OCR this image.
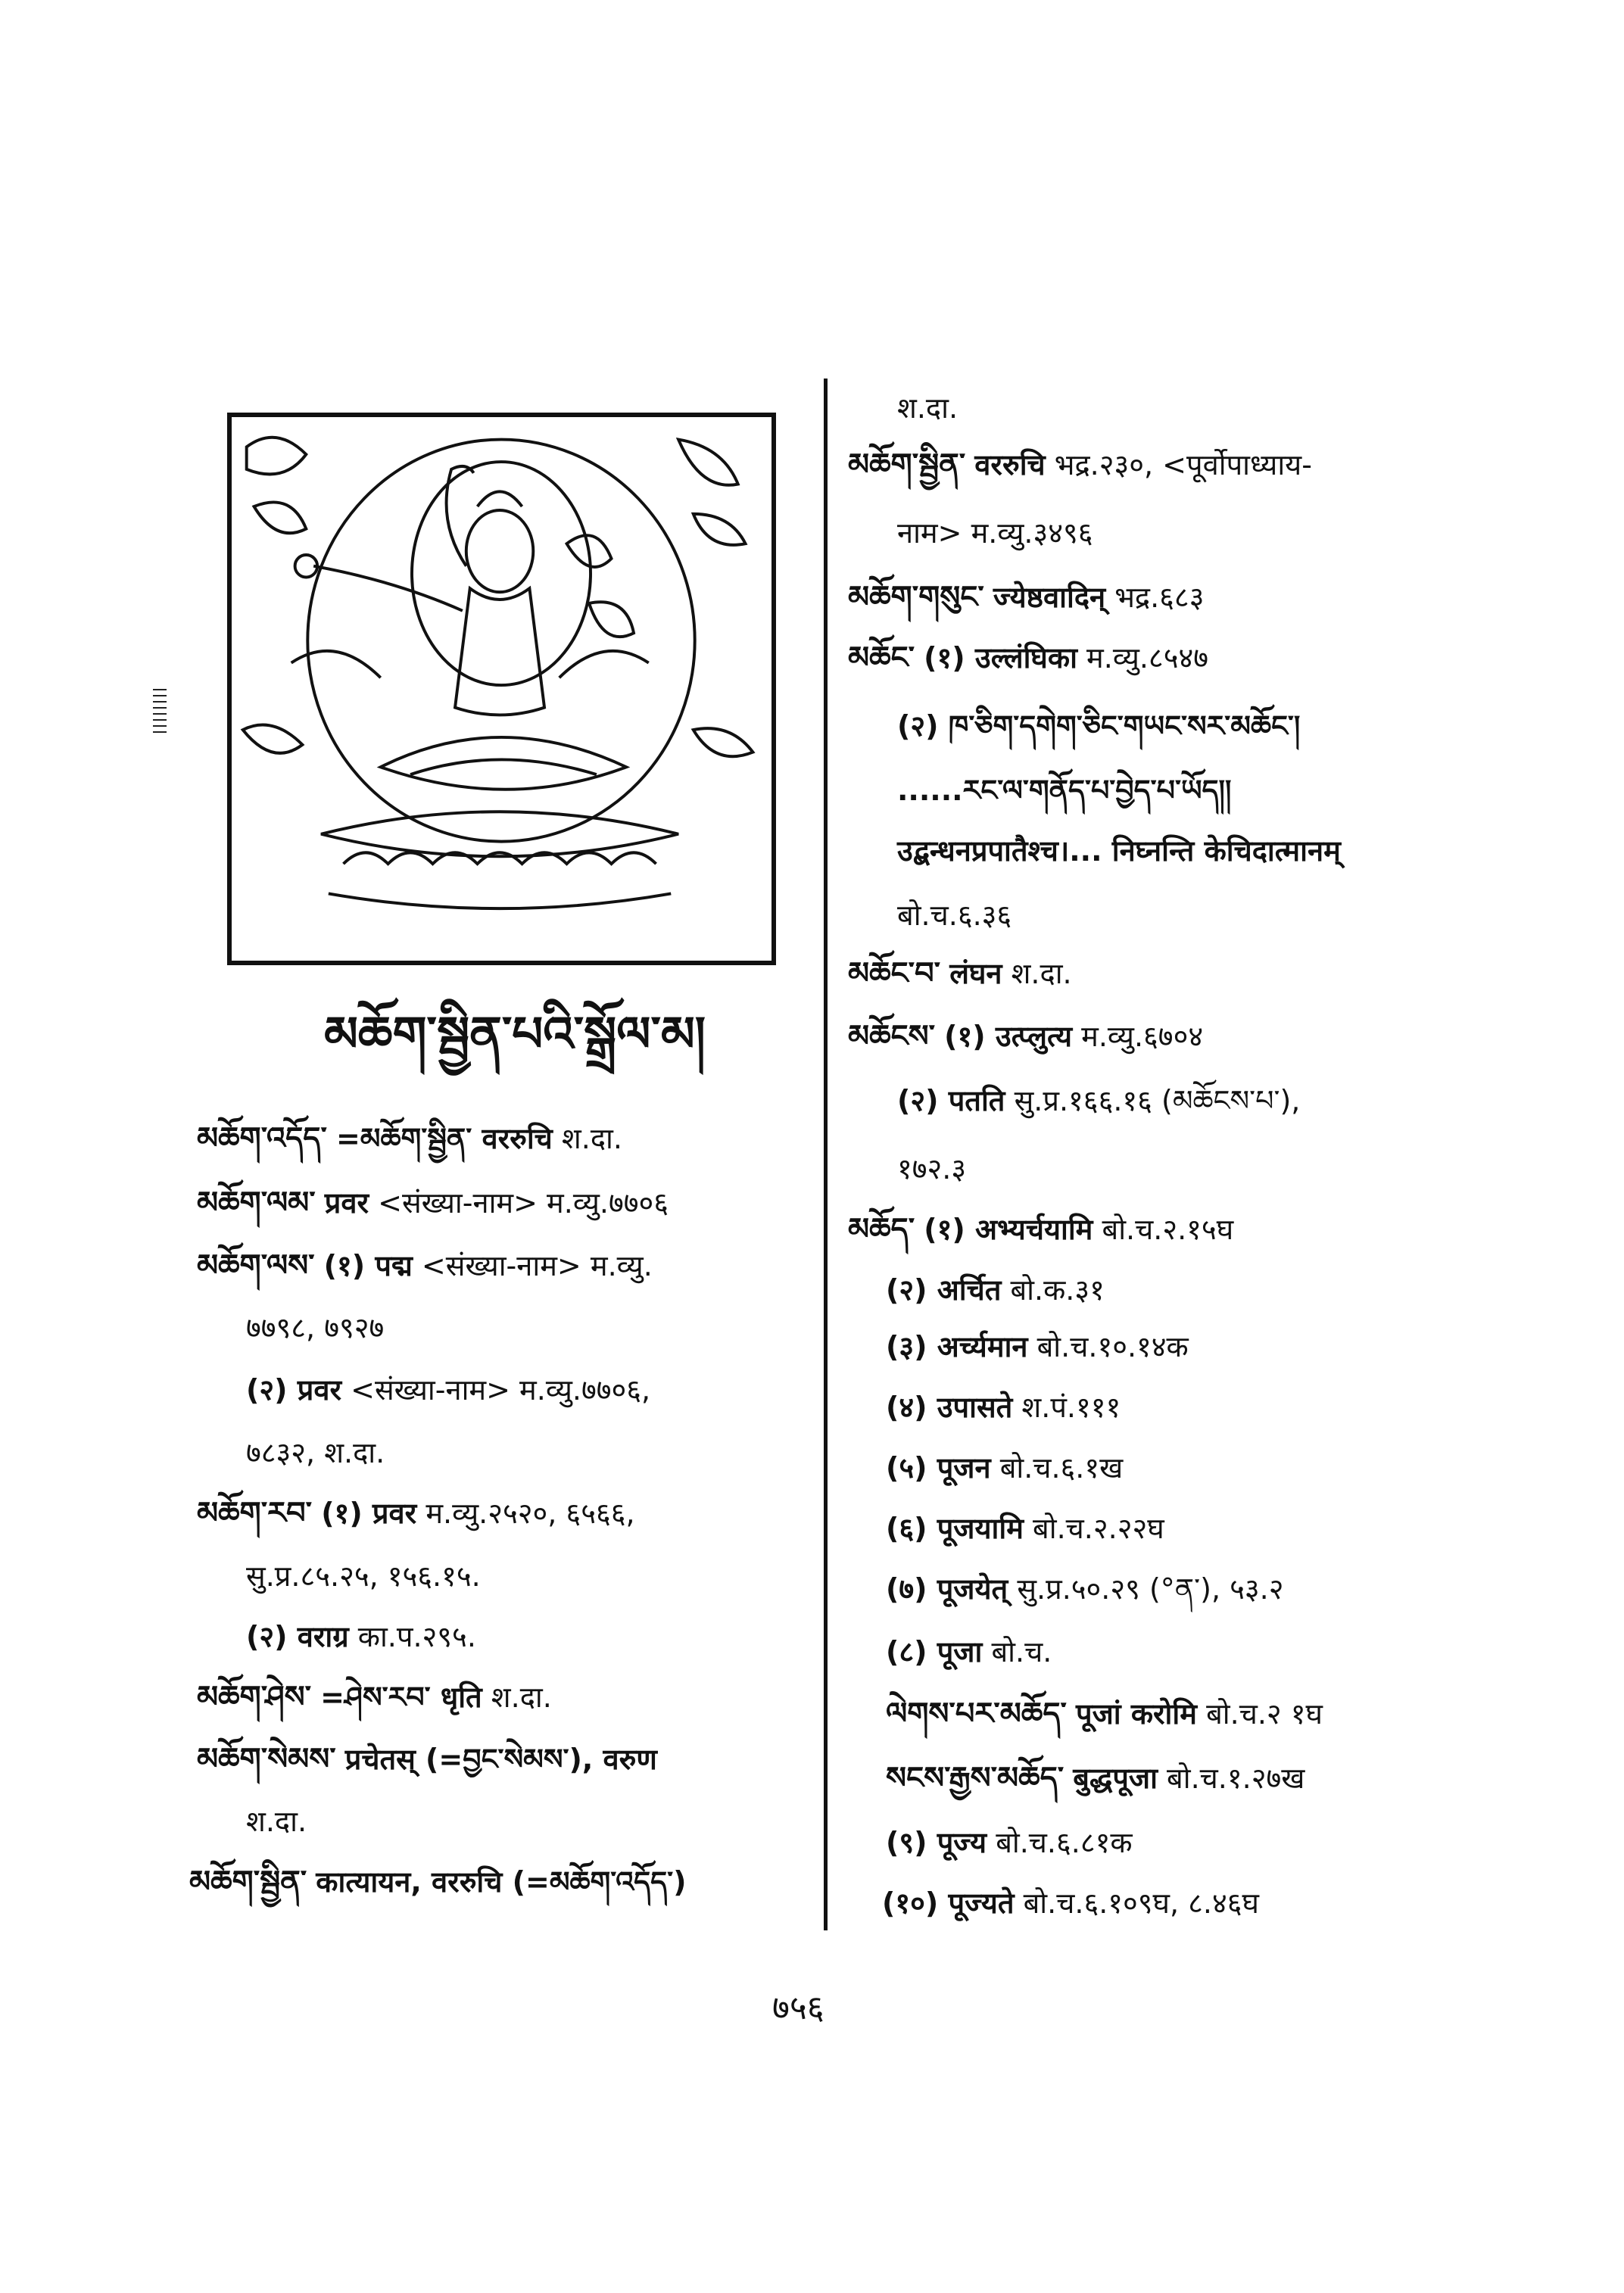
མཆོག་སྦྱིན་པའི་སྒྲོལ་མ།
མཆོག་འདོད་ =མཆོག་སྦྱིན་ वररुचि श.दा.
མཆོག་ལམ་ प्रवर <संख्या-नाम> म.व्यु.७७०६
མཆོག་ལས་ (१) पद्म <संख्या-नाम> म.व्यु.
७७९८, ७९२७
(२) प्रवर <संख्या-नाम> म.व्यु.७७०६,
७८३२, श.दा.
མཆོག་རབ་ (१) प्रवर म.व्यु.२५२०, ६५६६,
सु.प्र.८५.२५, १५६.१५.
(२) वराग्र का.प.२९५.
མཆོག་ཤེས་ =ཤེས་རབ་ धृति श.दा.
མཆོག་སེམས་ प्रचेतस् (=བྱང་སེམས་), वरुण
श.दा.
མཆོག་སྦྱིན་ कात्यायन, वररुचि (=མཆོག་འདོད་)
श.दा.
མཆོག་སྦྱིན་ वररुचि भद्र.२३०, <पूर्वोपाध्याय-
नाम> म.व्यु.३४९६
མཆོག་གསུང་ ज्येष्ठवादिन् भद्र.६८३
མཆོང་ (१) उल्लंघिका म.व्यु.८५४७
(२) ཁ་ཅིག་དགེག་ཅིང་གཡང་སར་མཆོང་།
......རང་ལ་གནོད་པ་བྱེད་པ་ཡོད།།
उद्बन्धनप्रपातैश्च।... निघ्नन्ति केचिदात्मानम्
बो.च.६.३६
མཆོང་བ་ लंघन श.दा.
མཆོངས་ (१) उत्प्लुत्य म.व्यु.६७०४
(२) पतति सु.प्र.१६६.१६ (མཆོངས་པ་),
१७२.३
མཆོད་ (१) अभ्यर्चयामि बो.च.२.१५घ
(२) अर्चित बो.क.३१
(३) अर्च्यमान बो.च.१०.१४क
(४) उपासते श.पं.१११
(५) पूजन बो.च.६.१ख
(६) पूजयामि बो.च.२.२२घ
(७) पूजयेत् सु.प्र.५०.२९ (°ན་), ५३.२
(८) पूजा बो.च.
ལེགས་པར་མཆོད་ पूजां करोमि बो.च.२ १घ
སངས་རྒྱས་མཆོད་ बुद्धपूजा बो.च.१.२७ख
(९) पूज्य बो.च.६.८१क
(१०) पूज्यते बो.च.६.१०९घ, ८.४६घ
७५६
